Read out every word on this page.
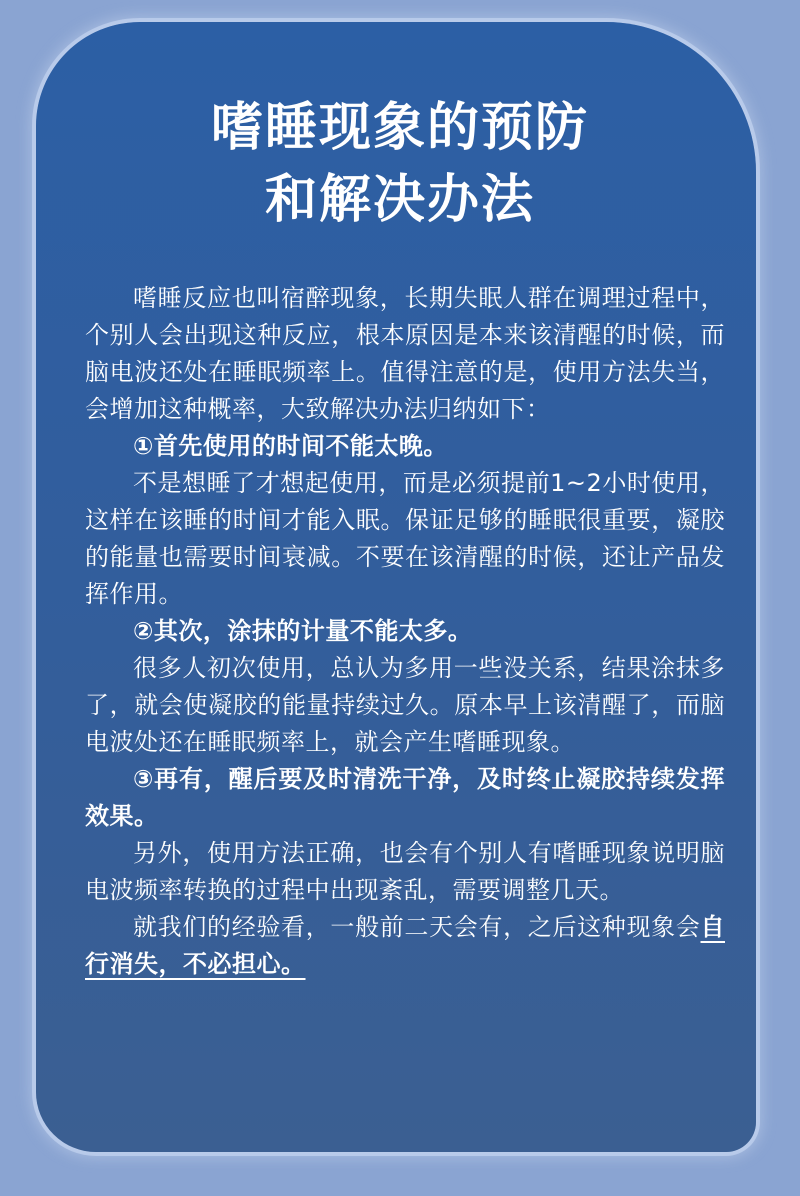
嗜睡现象的预防
和解决办法

嗜睡反应也叫宿醉现象，长期失眠人群在调理过程中，个别人会出现这种反应，根本原因是本来该清醒的时候，而脑电波还处在睡眠频率上。值得注意的是，使用方法失当，会增加这种概率，大致解决办法归纳如下：

①首先使用的时间不能太晚。

不是想睡了才想起使用，而是必须提前1~2小时使用，这样在该睡的时间才能入眠。保证足够的睡眠很重要，凝胶的能量也需要时间衰减。不要在该清醒的时候，还让产品发挥作用。

②其次，涂抹的计量不能太多。

很多人初次使用，总认为多用一些没关系，结果涂抹多了，就会使凝胶的能量持续过久。原本早上该清醒了，而脑电波处还在睡眠频率上，就会产生嗜睡现象。

③再有，醒后要及时清洗干净，及时终止凝胶持续发挥效果。

另外，使用方法正确，也会有个别人有嗜睡现象说明脑电波频率转换的过程中出现紊乱，需要调整几天。

就我们的经验看，一般前二天会有，之后这种现象会自行消失，不必担心。
